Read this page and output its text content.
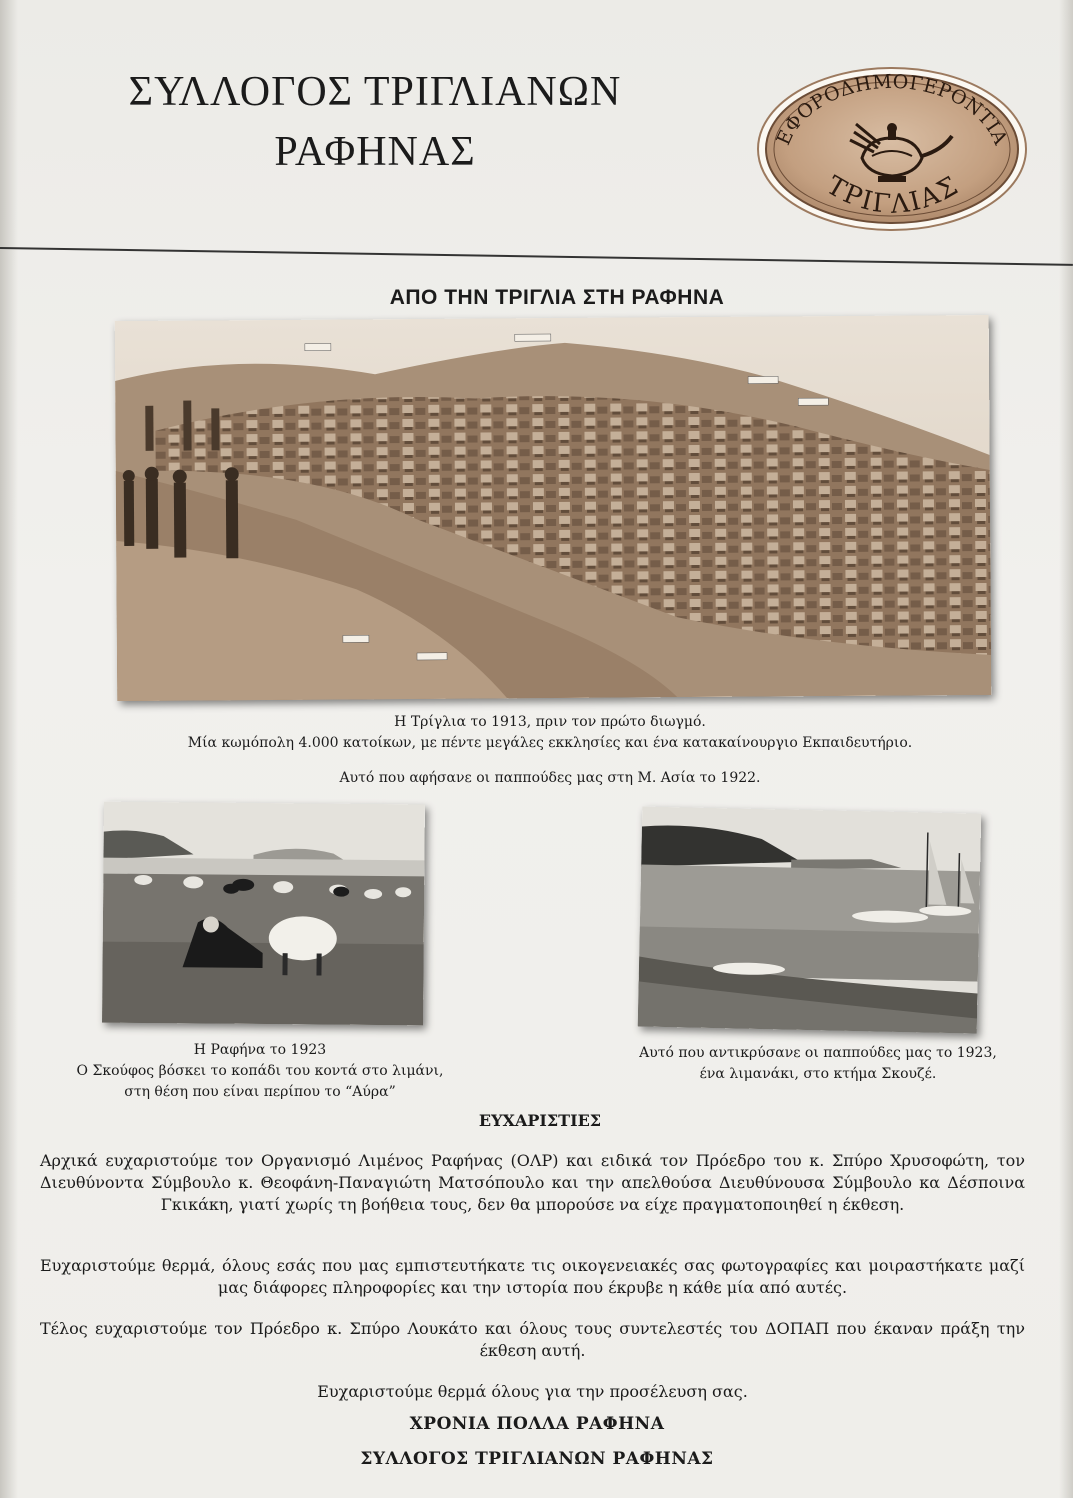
ΣΥΛΛΟΓΟΣ ΤΡΙΓΛΙΑΝΩΝ
ΡΑΦΗΝΑΣ	ΕΦΟΡΟΔΗΜΟΓΕΡΟΝΤΙΑ
ΤΡΙΓΛΙΑΣ
ΑΠΟ ΤΗΝ ΤΡΙΓΛΙΑ ΣΤΗ ΡΑΦΗΝΑ
Η Τρίγλια το 1913, πριν τον πρώτο διωγμό.
Μία κωμόπολη 4.000 κατοίκων, με πέντε μεγάλες εκκλησίες και ένα κατακαίνουργιο Εκπαιδευτήριο.
Αυτό που αφήσανε οι παππούδες μας στη Μ. Ασία το 1922.
Η Ραφήνα το 1923
Ο Σκούφος βόσκει το κοπάδι του κοντά στο λιμάνι,
στη θέση που είναι περίπου το “Αύρα”
Αυτό που αντικρύσανε οι παππούδες μας το 1923,
ένα λιμανάκι, στο κτήμα Σκουζέ.
ΕΥΧΑΡΙΣΤΙΕΣ
Αρχικά ευχαριστούμε τον Οργανισμό Λιμένος Ραφήνας (ΟΛΡ) και ειδικά τον Πρόεδρο του κ. Σπύρο Χρυσοφώτη, τον Διευθύνοντα Σύμβουλο κ. Θεοφάνη-Παναγιώτη Ματσόπουλο και την απελθούσα Διευθύνουσα Σύμβουλο κα Δέσποινα Γκικάκη, γιατί χωρίς τη βοήθεια τους, δεν θα μπορούσε να είχε πραγματοποιηθεί η έκθεση.
Ευχαριστούμε θερμά, όλους εσάς που μας εμπιστευτήκατε τις οικογενειακές σας φωτογραφίες και μοιραστήκατε μαζί μας διάφορες πληροφορίες και την ιστορία που έκρυβε η κάθε μία από αυτές.
Τέλος ευχαριστούμε τον Πρόεδρο κ. Σπύρο Λουκάτο και όλους τους συντελεστές του ΔΟΠΑΠ που έκαναν πράξη την έκθεση αυτή.
Ευχαριστούμε θερμά όλους για την προσέλευση σας.
ΧΡΟΝΙΑ ΠΟΛΛΑ ΡΑΦΗΝΑ
ΣΥΛΛΟΓΟΣ ΤΡΙΓΛΙΑΝΩΝ ΡΑΦΗΝΑΣ
